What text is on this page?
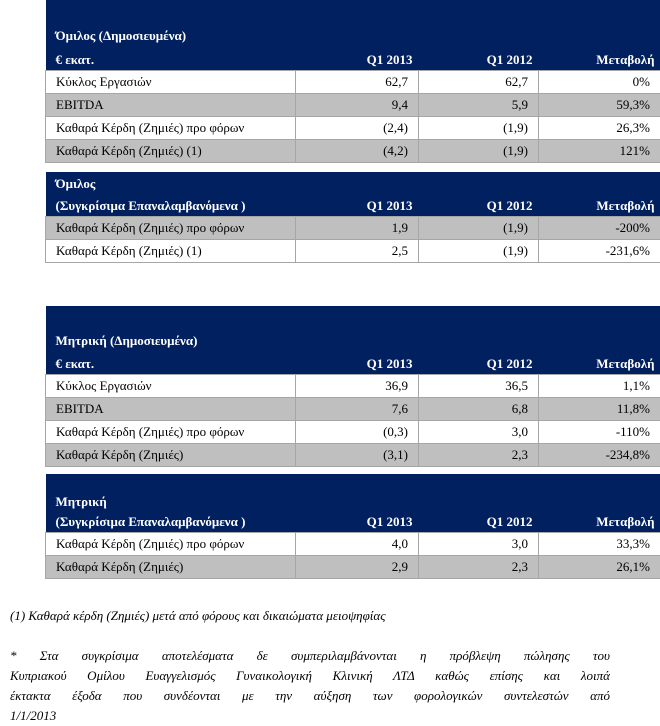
Όμιλος (Δημοσιευμένα)			
€ εκατ.	Q1 2013	Q1 2012	Μεταβολή
Κύκλος Εργασιών	62,7	62,7	0%
EBITDA	9,4	5,9	59,3%
Καθαρά Κέρδη (Ζημιές) προ φόρων	(2,4)	(1,9)	26,3%
Καθαρά Κέρδη (Ζημιές) (1)	(4,2)	(1,9)	121%
Όμιλος			
(Συγκρίσιμα Επαναλαμβανόμενα )	Q1 2013	Q1 2012	Μεταβολή
Καθαρά Κέρδη (Ζημιές) προ φόρων	1,9	(1,9)	-200%
Καθαρά Κέρδη (Ζημιές) (1)	2,5	(1,9)	-231,6%

Μητρική (Δημοσιευμένα)			
€ εκατ.	Q1 2013	Q1 2012	Μεταβολή
Κύκλος Εργασιών	36,9	36,5	1,1%
EBITDA	7,6	6,8	11,8%
Καθαρά Κέρδη (Ζημιές) προ φόρων	(0,3)	3,0	-110%
Καθαρά Κέρδη (Ζημιές)	(3,1)	2,3	-234,8%

Μητρική			
(Συγκρίσιμα Επαναλαμβανόμενα )	Q1 2013	Q1 2012	Μεταβολή
Καθαρά Κέρδη (Ζημιές) προ φόρων	4,0	3,0	33,3%
Καθαρά Κέρδη (Ζημιές)	2,9	2,3	26,1%
(1) Καθαρά κέρδη (Ζημιές) μετά από φόρους και δικαιώματα μειοψηφίας
* Στα συγκρίσιμα αποτελέσματα δε συμπεριλαμβάνονται η πρόβλεψη πώλησης του
Κυπριακού Ομίλου Ευαγγελισμός Γυναικολογική Κλινική ΛΤΔ καθώς επίσης και λοιπά
έκτακτα έξοδα που συνδέονται με την αύξηση των φορολογικών συντελεστών από
1/1/2013
